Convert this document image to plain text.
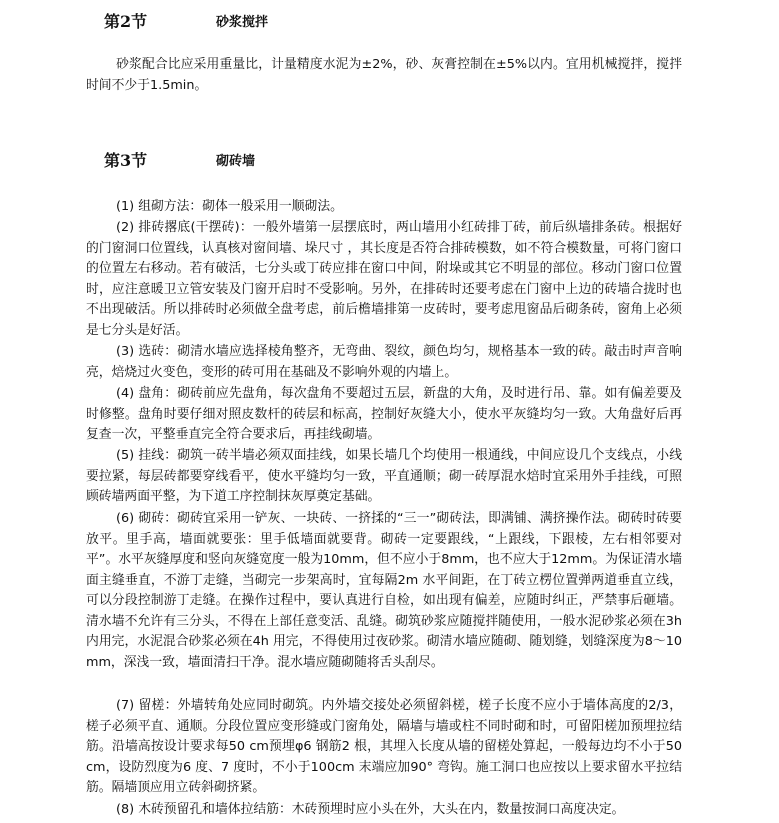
第2节	砂浆搅拌
砂浆配合比应采用重量比，计量精度水泥为±2%，砂、灰膏控制在±5%以内。宜用机械搅拌，搅拌时间不少于1.5min。
第3节	砌砖墙
(1) 组砌方法：砌体一般采用一顺砌法。
(2) 排砖撂底(干摆砖)：一般外墙第一层摆底时，两山墙用小红砖排丁砖，前后纵墙排条砖。根据好的门窗洞口位置线，认真核对窗间墙、垛尺寸 ，其长度是否符合排砖模数，如不符合模数量，可将门窗口的位置左右移动。若有破活，七分头或丁砖应排在窗口中间，附垛或其它不明显的部位。移动门窗口位置时，应注意暖卫立管安装及门窗开启时不受影响。另外，在排砖时还要考虑在门窗中上边的砖墙合拢时也不出现破活。所以排砖时必须做全盘考虑，前后檐墙排第一皮砖时，要考虑甩窗品后砌条砖，窗角上必须是七分头是好活。
(3) 选砖：砌清水墙应选择棱角整齐，无弯曲、裂纹，颜色均匀，规格基本一致的砖。敲击时声音响亮，焙烧过火变色，变形的砖可用在基础及不影响外观的内墙上。
(4) 盘角：砌砖前应先盘角，每次盘角不要超过五层，新盘的大角，及时进行吊、靠。如有偏差要及时修整。盘角时要仔细对照皮数杆的砖层和标高，控制好灰缝大小，使水平灰缝均匀一致。大角盘好后再复查一次，平整垂直完全符合要求后，再挂线砌墙。
(5) 挂线：砌筑一砖半墙必须双面挂线，如果长墙几个均使用一根通线，中间应设几个支线点，小线要拉紧，每层砖都要穿线看平，使水平缝均匀一致，平直通顺；砌一砖厚混水焙时宜采用外手挂线，可照顾砖墙两面平整，为下道工序控制抹灰厚奠定基础。
(6) 砌砖：砌砖宜采用一铲灰、一块砖、一挤揉的“三一”砌砖法，即满铺、满挤操作法。砌砖时砖要放平。里手高，墙面就要张：里手低墙面就要背。砌砖一定要跟线，“上跟线，下跟棱，左右相邻要对平”。水平灰缝厚度和竖向灰缝宽度一般为10mm，但不应小于8mm，也不应大于12mm。为保证清水墙面主缝垂直，不游丁走缝，当砌完一步架高时，宜每隔2m 水平间距，在丁砖立楞位置弹两道垂直立线，可以分段控制游丁走缝。在操作过程中，要认真进行自检，如出现有偏差，应随时纠正，严禁事后砸墙。清水墙不允许有三分头，不得在上部任意变活、乱缝。砌筑砂浆应随搅拌随使用，一般水泥砂浆必须在3h 内用完，水泥混合砂浆必须在4h 用完，不得使用过夜砂浆。砌清水墙应随砌、随划缝，划缝深度为8～10mm，深浅一致，墙面清扫干净。混水墙应随砌随将舌头刮尽。
(7) 留槎：外墙转角处应同时砌筑。内外墙交接处必须留斜槎，槎子长度不应小于墙体高度的2/3，槎子必须平直、通顺。分段位置应变形缝或门窗角处，隔墙与墙或柱不同时砌和时，可留阳槎加预埋拉结筋。沿墙高按设计要求每50 cm预埋φ6 钢筋2 根，其埋入长度从墙的留槎处算起，一般每边均不小于50 cm，设防烈度为6 度、7 度时，不小于100cm 末端应加90° 弯钩。施工洞口也应按以上要求留水平拉结筋。隔墙顶应用立砖斜砌挤紧。
(8) 木砖预留孔和墙体拉结筋：木砖预埋时应小头在外，大头在内，数量按洞口高度决定。
